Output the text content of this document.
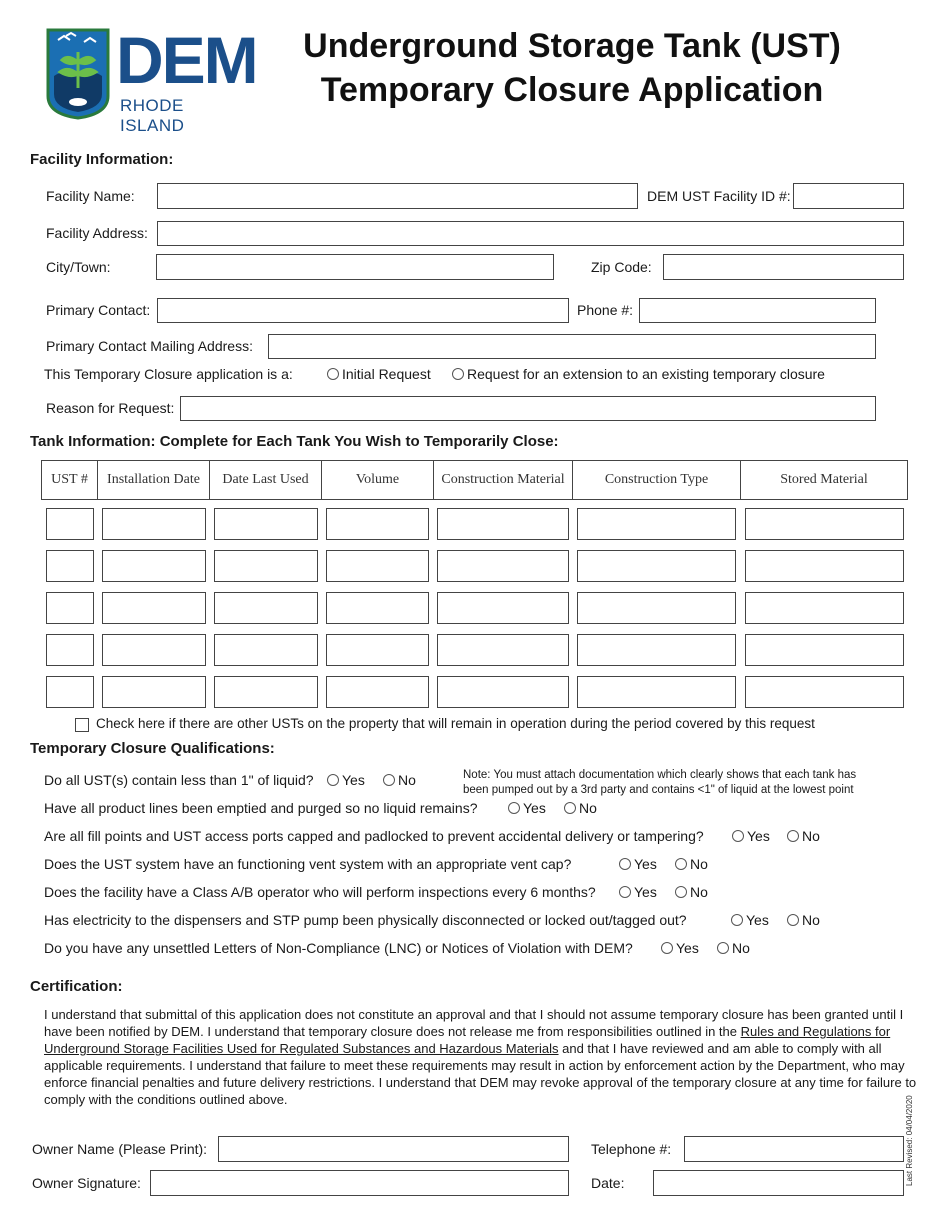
DEM
RHODE ISLAND
Underground Storage Tank (UST)
Temporary Closure Application
Facility Information:
Facility Name:	DEM UST Facility ID #:
Facility Address:
City/Town:	Zip Code:
Primary Contact:	Phone #:
Primary Contact Mailing Address:
This Temporary Closure application is a:	Initial Request	Request for an extension to an existing temporary closure
Reason for Request:
Tank Information: Complete for Each Tank You Wish to Temporarily Close:
UST #	Installation Date	Date Last Used	Volume	Construction Material	Construction Type	Stored Material
Check here if there are other USTs on the property that will remain in operation during the period covered by this request
Temporary Closure Qualifications:
Do all UST(s) contain less than 1" of liquid?	Yes	No	Note: You must attach documentation which clearly shows that each tank has
been pumped out by a 3rd party and contains <1" of liquid at the lowest point
Have all product lines been emptied and purged so no liquid remains?	Yes	No
Are all fill points and UST access ports capped and padlocked to prevent accidental delivery or tampering?	Yes	No
Does the UST system have an functioning vent system with an appropriate vent cap?	Yes	No
Does the facility have a Class A/B operator who will perform inspections every 6 months?	Yes	No
Has electricity to the dispensers and STP pump been physically disconnected or locked out/tagged out?	Yes	No
Do you have any unsettled Letters of Non-Compliance (LNC) or Notices of Violation with DEM?	Yes	No
Certification:
I understand that submittal of this application does not constitute an approval and that I should not assume temporary closure has been granted until I have been notified by DEM. I understand that temporary closure does not release me from responsibilities outlined in the Rules and Regulations for Underground Storage Facilities Used for Regulated Substances and Hazardous Materials and that I have reviewed and am able to comply with all applicable requirements. I understand that failure to meet these requirements may result in action by enforcement action by the Department, who may enforce financial penalties and future delivery restrictions. I understand that DEM may revoke approval of the temporary closure at any time for failure to comply with the conditions outlined above.
Owner Name (Please Print):	Telephone #:
Owner Signature:	Date:	Last Revised: 04/04/2020
